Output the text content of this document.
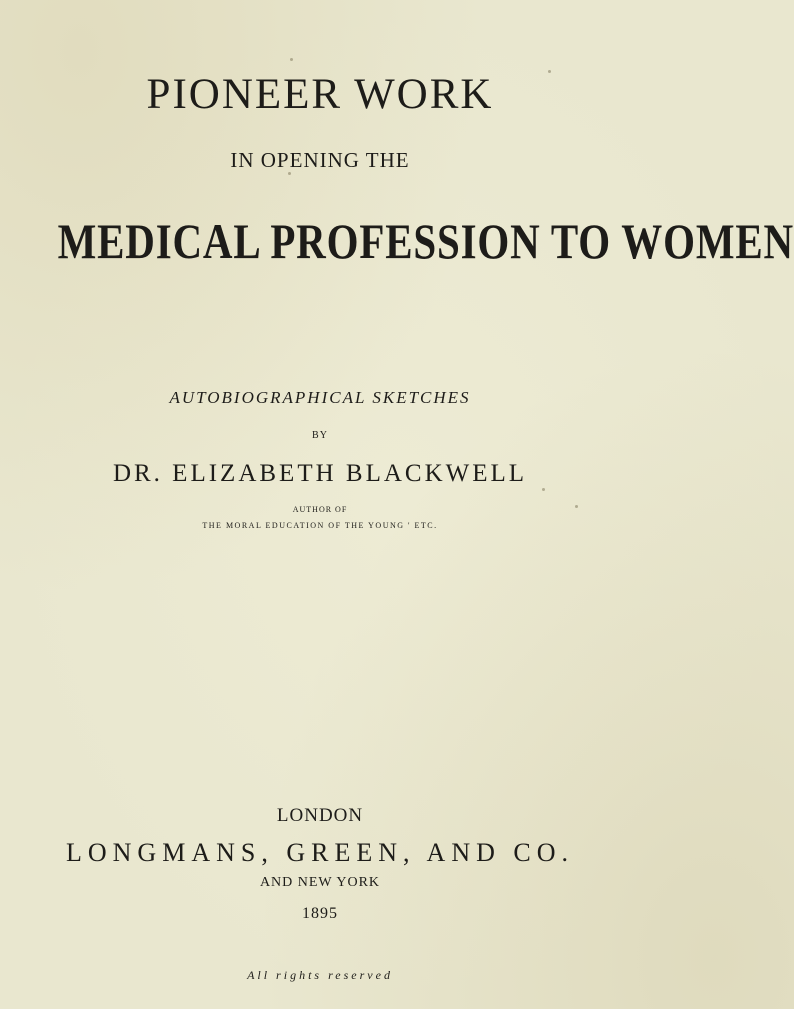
PIONEER WORK
IN OPENING THE
MEDICAL PROFESSION TO WOMEN
AUTOBIOGRAPHICAL SKETCHES
BY
DR. ELIZABETH BLACKWELL
AUTHOR OF
THE MORAL EDUCATION OF THE YOUNG ' ETC.
LONDON
LONGMANS, GREEN, AND CO.
AND NEW YORK
1895
All rights reserved
